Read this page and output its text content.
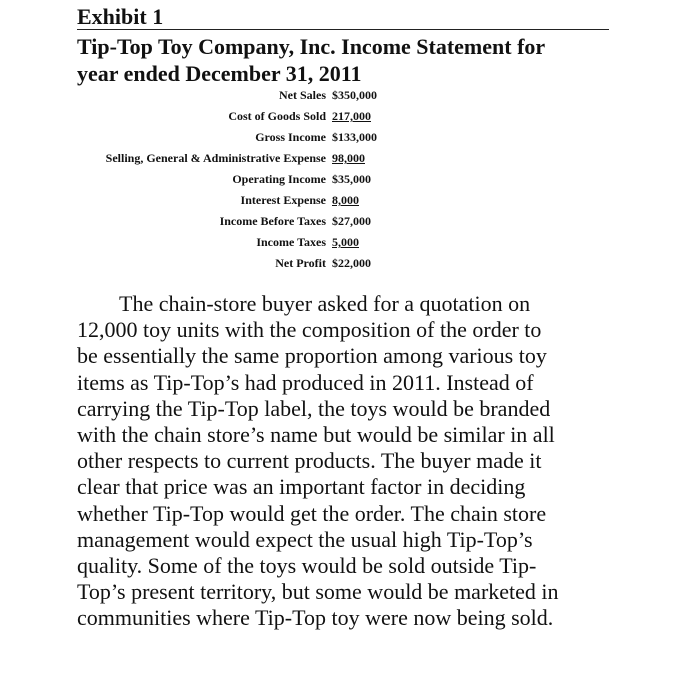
Exhibit 1
Tip-Top Toy Company, Inc. Income Statement for
year ended December 31, 2011
Net Sales	$350,000
Cost of Goods Sold	217,000
Gross Income	$133,000
Selling, General & Administrative Expense	98,000
Operating Income	$35,000
Interest Expense	8,000
Income Before Taxes	$27,000
Income Taxes	5,000
Net Profit	$22,000

The chain-store buyer asked for a quotation on
12,000 toy units with the composition of the order to
be essentially the same proportion among various toy
items as Tip-Top’s had produced in 2011. Instead of
carrying the Tip-Top label, the toys would be branded
with the chain store’s name but would be similar in all
other respects to current products. The buyer made it
clear that price was an important factor in deciding
whether Tip-Top would get the order. The chain store
management would expect the usual high Tip-Top’s
quality. Some of the toys would be sold outside Tip-
Top’s present territory, but some would be marketed in
communities where Tip-Top toy were now being sold.
